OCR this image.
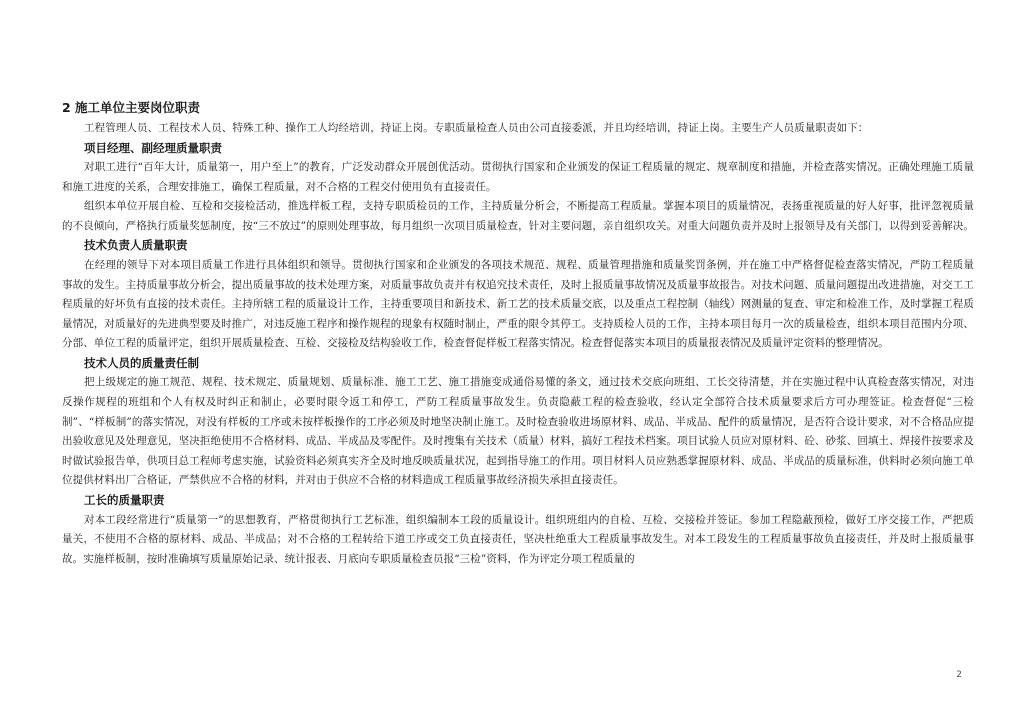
2 施工单位主要岗位职责

工程管理人员、工程技术人员、特殊工种、操作工人均经培训，持证上岗。专职质量检查人员由公司直接委派，并且均经培训，持证上岗。主要生产人员质量职责如下：

项目经理、副经理质量职责

对职工进行“百年大计，质量第一，用户至上”的教育，广泛发动群众开展创优活动。贯彻执行国家和企业颁发的保证工程质量的规定、规章制度和措施，并检查落实情况。正确处理施工质量和施工进度的关系，合理安排施工，确保工程质量，对不合格的工程交付使用负有直接责任。

组织本单位开展自检、互检和交接检活动，推选样板工程，支持专职质检员的工作，主持质量分析会，不断提高工程质量。掌握本项目的质量情况，表扬重视质量的好人好事，批评忽视质量的不良倾向，严格执行质量奖惩制度，按“三不放过”的原则处理事故，每月组织一次项目质量检查，针对主要问题，亲自组织攻关。对重大问题负责并及时上报领导及有关部门，以得到妥善解决。

技术负责人质量职责

在经理的领导下对本项目质量工作进行具体组织和领导。贯彻执行国家和企业颁发的各项技术规范、规程、质量管理措施和质量奖罚条例，并在施工中严格督促检查落实情况，严防工程质量事故的发生。主持质量事故分析会，提出质量事故的技术处理方案，对质量事故负责并有权追究技术责任，及时上报质量事故情况及质量事故报告。对技术问题、质量问题提出改进措施，对交工工程质量的好坏负有直接的技术责任。主持所辖工程的质量设计工作，主持重要项目和新技术、新工艺的技术质量交底，以及重点工程控制（轴线）网测量的复查、审定和检准工作，及时掌握工程质量情况，对质量好的先进典型要及时推广，对违反施工程序和操作规程的现象有权随时制止，严重的限令其停工。支持质检人员的工作，主持本项目每月一次的质量检查，组织本项目范围内分项、分部、单位工程的质量评定，组织开展质量检查、互检、交接检及结构验收工作，检查督促样板工程落实情况。检查督促落实本项目的质量报表情况及质量评定资料的整理情况。

技术人员的质量责任制

把上级规定的施工规范、规程、技术规定、质量规划、质量标准、施工工艺、施工措施变成通俗易懂的条文，通过技术交底向班组、工长交待清楚，并在实施过程中认真检查落实情况，对违反操作规程的班组和个人有权及时纠正和制止，必要时限令返工和停工，严防工程质量事故发生。负责隐蔽工程的检查验收，经认定全部符合技术质量要求后方可办理签证。检查督促“三检制”、“样板制”的落实情况，对没有样板的工序或未按样板操作的工序必须及时地坚决制止施工。及时检查验收进场原材料、成品、半成品、配件的质量情况，是否符合设计要求，对不合格品应提出验收意见及处理意见，坚决拒绝使用不合格材料、成品、半成品及零配件。及时搜集有关技术（质量）材料，搞好工程技术档案。项目试验人员应对原材料、砼、砂浆、回填土、焊接件按要求及时做试验报告单，供项目总工程师考虑实施，试验资料必须真实齐全及时地反映质量状况，起到指导施工的作用。项目材料人员应熟悉掌握原材料、成品、半成品的质量标准，供料时必须向施工单位提供材料出厂合格证，严禁供应不合格的材料，并对由于供应不合格的材料造成工程质量事故经济损失承担直接责任。

工长的质量职责

对本工段经常进行“质量第一”的思想教育，严格贯彻执行工艺标准，组织编制本工段的质量设计。组织班组内的自检、互检、交接检并签证。参加工程隐蔽预检，做好工序交接工作，严把质量关，不使用不合格的原材料、成品、半成品；对不合格的工程转给下道工序或交工负直接责任，坚决杜绝重大工程质量事故发生。对本工段发生的工程质量事故负直接责任，并及时上报质量事故。实施样板制，按时准确填写质量原始记录、统计报表、月底向专职质量检查员报“三检”资料，作为评定分项工程质量的

2
